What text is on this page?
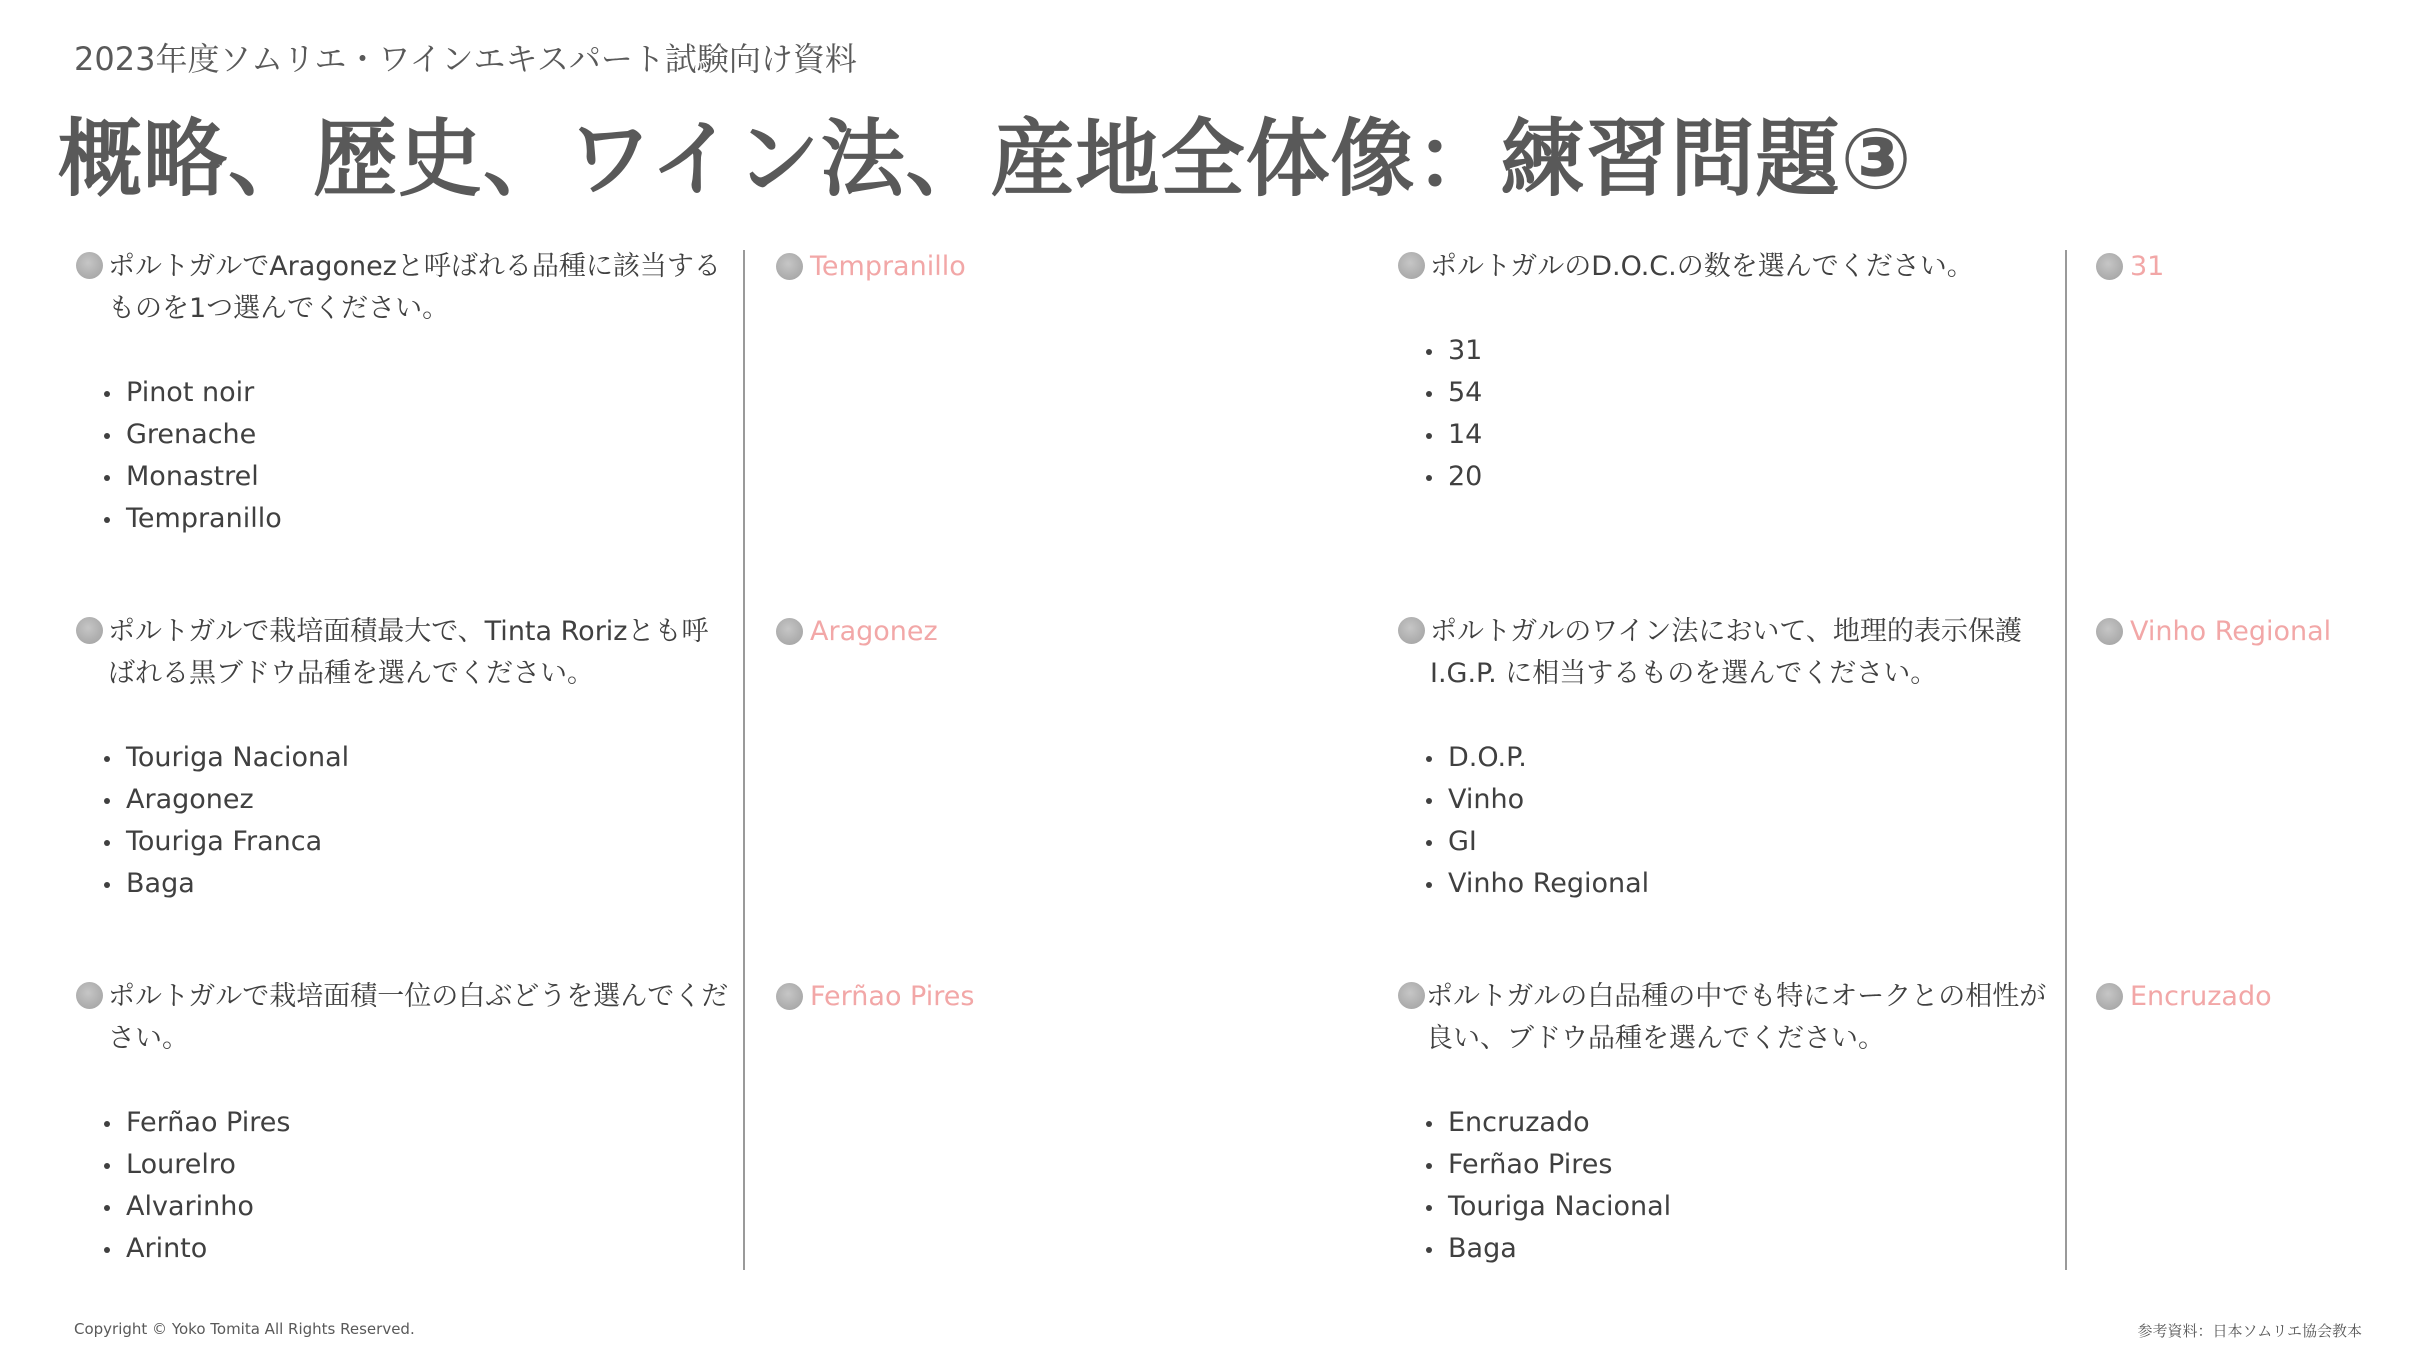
2023年度ソムリエ・ワインエキスパート試験向け資料
概略、歴史、ワイン法、産地全体像：練習問題③
ポルトガルでAragonezと呼ばれる品種に該当するものを1つ選んでください。
Pinot noir
Grenache
Monastrel
Tempranillo
Tempranillo
ポルトガルで栽培面積最大で、Tinta Rorizとも呼ばれる黒ブドウ品種を選んでください。
Touriga Nacional
Aragonez
Touriga Franca
Baga
Aragonez
ポルトガルで栽培面積一位の白ぶどうを選んでください。
Ferñao Pires
Lourelro
Alvarinho
Arinto
Ferñao Pires
ポルトガルのD.O.C.の数を選んでください。
31
54
14
20
31
ポルトガルのワイン法において、地理的表示保護I.G.P. に相当するものを選んでください。
D.O.P.
Vinho
GI
Vinho Regional
Vinho Regional
ポルトガルの白品種の中でも特にオークとの相性が良い、ブドウ品種を選んでください。
Encruzado
Ferñao Pires
Touriga Nacional
Baga
Encruzado
Copyright © Yoko Tomita All Rights Reserved.	参考資料：日本ソムリエ協会教本
